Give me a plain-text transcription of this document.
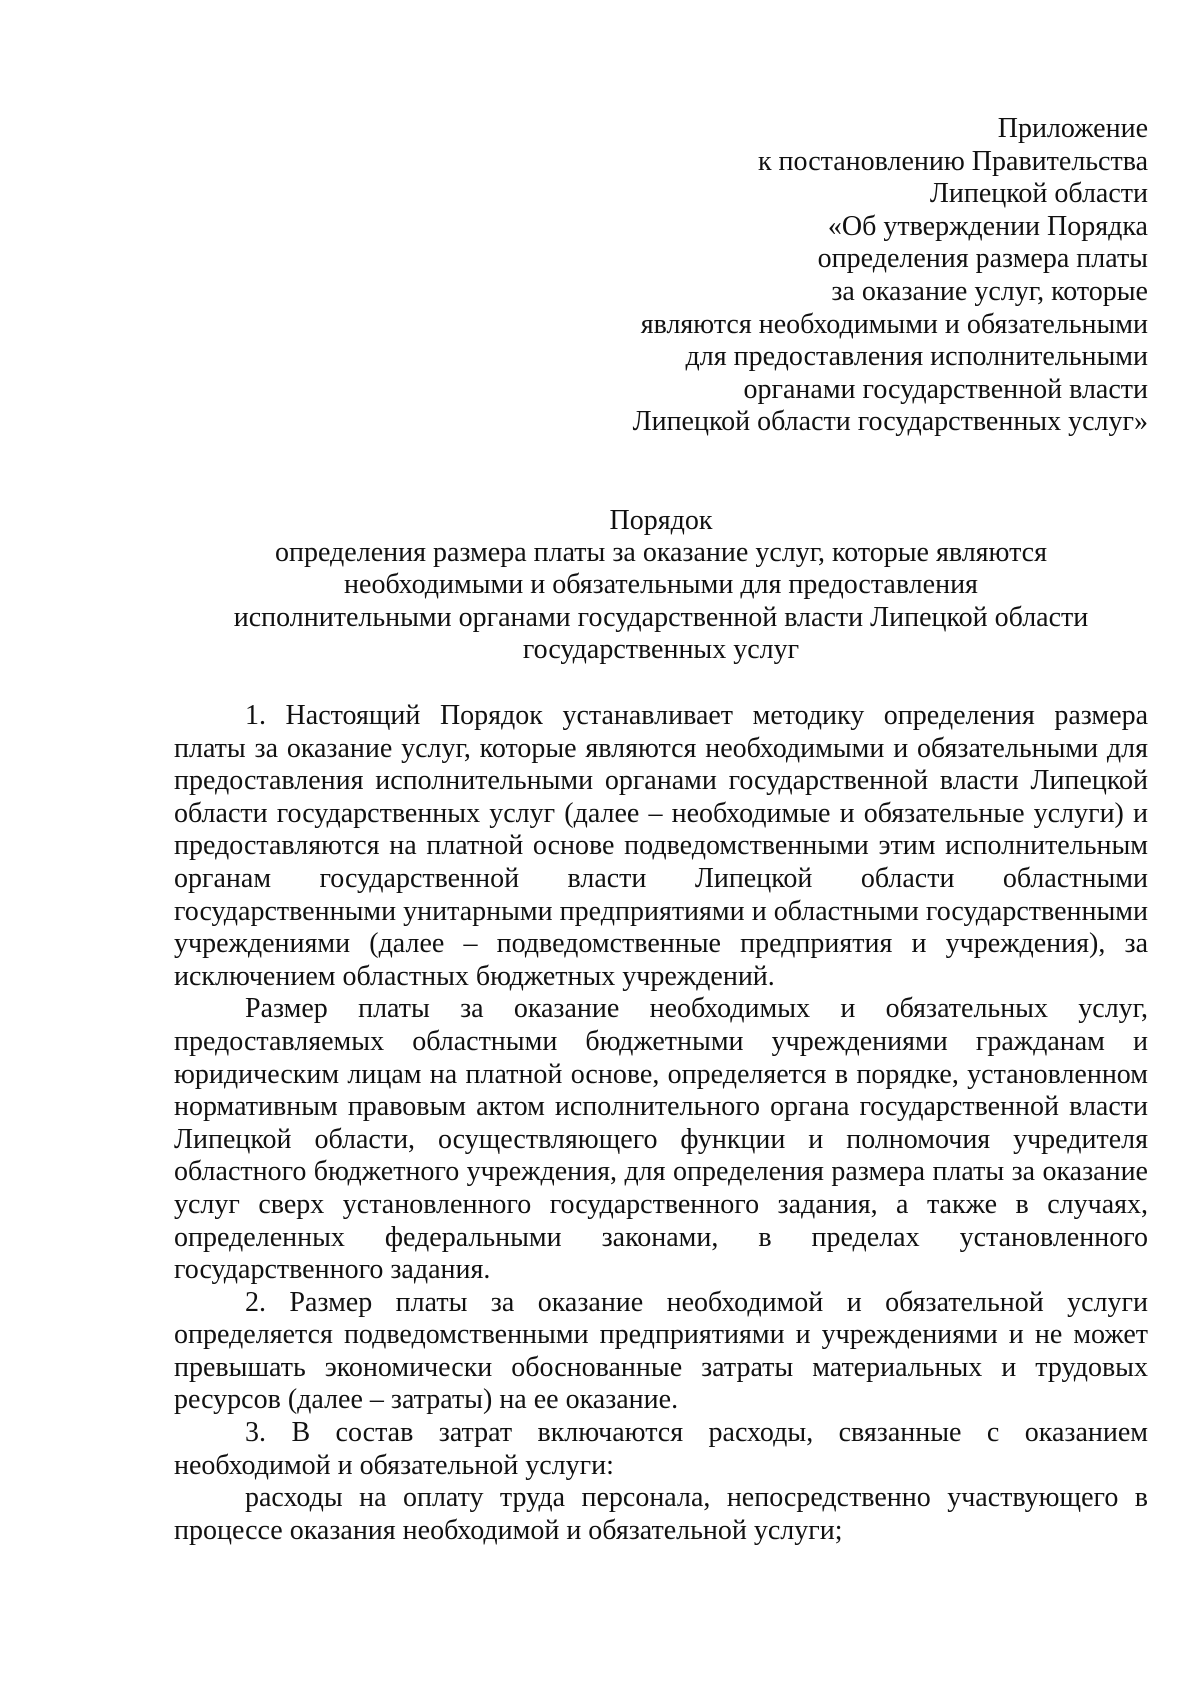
Приложение
к постановлению Правительства
Липецкой области
«Об утверждении Порядка
определения размера платы
за оказание услуг, которые
являются необходимыми и обязательными
для предоставления исполнительными
органами государственной власти
Липецкой области государственных услуг»
Порядок
определения размера платы за оказание услуг, которые являются
необходимыми и обязательными для предоставления
исполнительными органами государственной власти Липецкой области
государственных услуг

1. Настоящий Порядок устанавливает методику определения размера платы за оказание услуг, которые являются необходимыми и обязательными для предоставления исполнительными органами государственной власти Липецкой области государственных услуг (далее – необходимые и обязательные услуги) и предоставляются на платной основе подведомственными этим исполнительным органам государственной власти Липецкой области областными государственными унитарными предприятиями и областными государственными учреждениями (далее – подведомственные предприятия и учреждения), за исключением областных бюджетных учреждений.

Размер платы за оказание необходимых и обязательных услуг, предоставляемых областными бюджетными учреждениями гражданам и юридическим лицам на платной основе, определяется в порядке, установленном нормативным правовым актом исполнительного органа государственной власти Липецкой области, осуществляющего функции и полномочия учредителя областного бюджетного учреждения, для определения размера платы за оказание услуг сверх установленного государственного задания, а также в случаях, определенных федеральными законами, в пределах установленного государственного задания.

2. Размер платы за оказание необходимой и обязательной услуги определяется подведомственными предприятиями и учреждениями и не может превышать экономически обоснованные затраты материальных и трудовых ресурсов (далее – затраты) на ее оказание.

3. В состав затрат включаются расходы, связанные с оказанием необходимой и обязательной услуги:

расходы на оплату труда персонала, непосредственно участвующего в процессе оказания необходимой и обязательной услуги;
